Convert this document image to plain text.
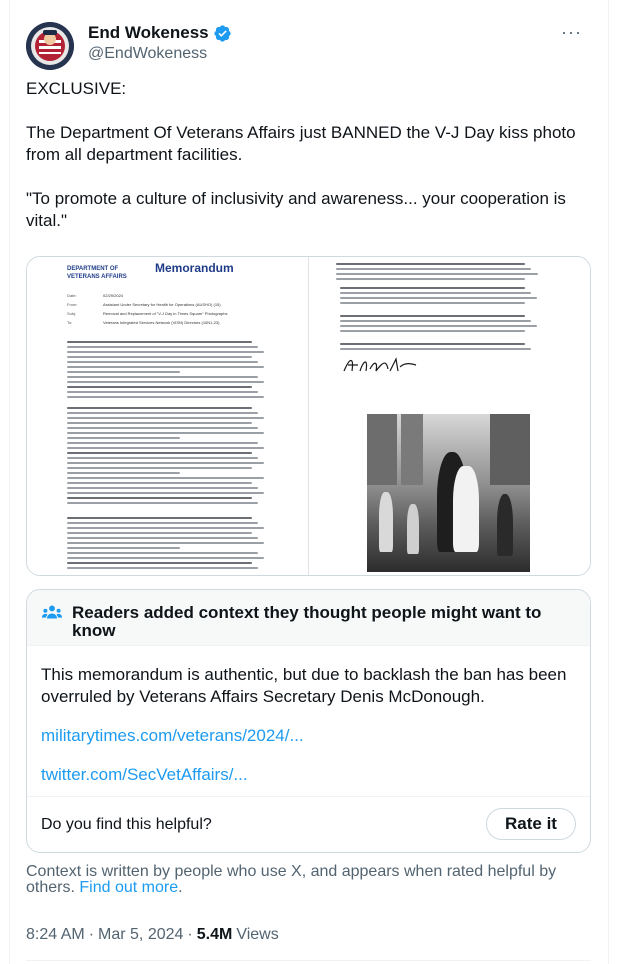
End Wokeness
@EndWokeness
···

EXCLUSIVE:

The Department Of Veterans Affairs just BANNED the V-J Day kiss photo from all department facilities.

"To promote a culture of inclusivity and awareness... your cooperation is vital."

DEPARTMENT OF VETERANS AFFAIRS
Memorandum
Date:	02/29/2024
From:	Assistant Under Secretary for Health for Operations (AUSHO) (15)
Subj:	Removal and Replacement of "V-J Day in Times Square" Photographs
To:	Veterans Integrated Services Network (VISN) Directors (10N1-23)
Readers added context they thought people might want to know
This memorandum is authentic, but due to backlash the ban has been overruled by Veterans Affairs Secretary Denis McDonough.
militarytimes.com/veterans/2024/...
twitter.com/SecVetAffairs/...
Do you find this helpful?	Rate it
Context is written by people who use X, and appears when rated helpful by others. Find out more.
8:24 AM · Mar 5, 2024 · 5.4M Views
